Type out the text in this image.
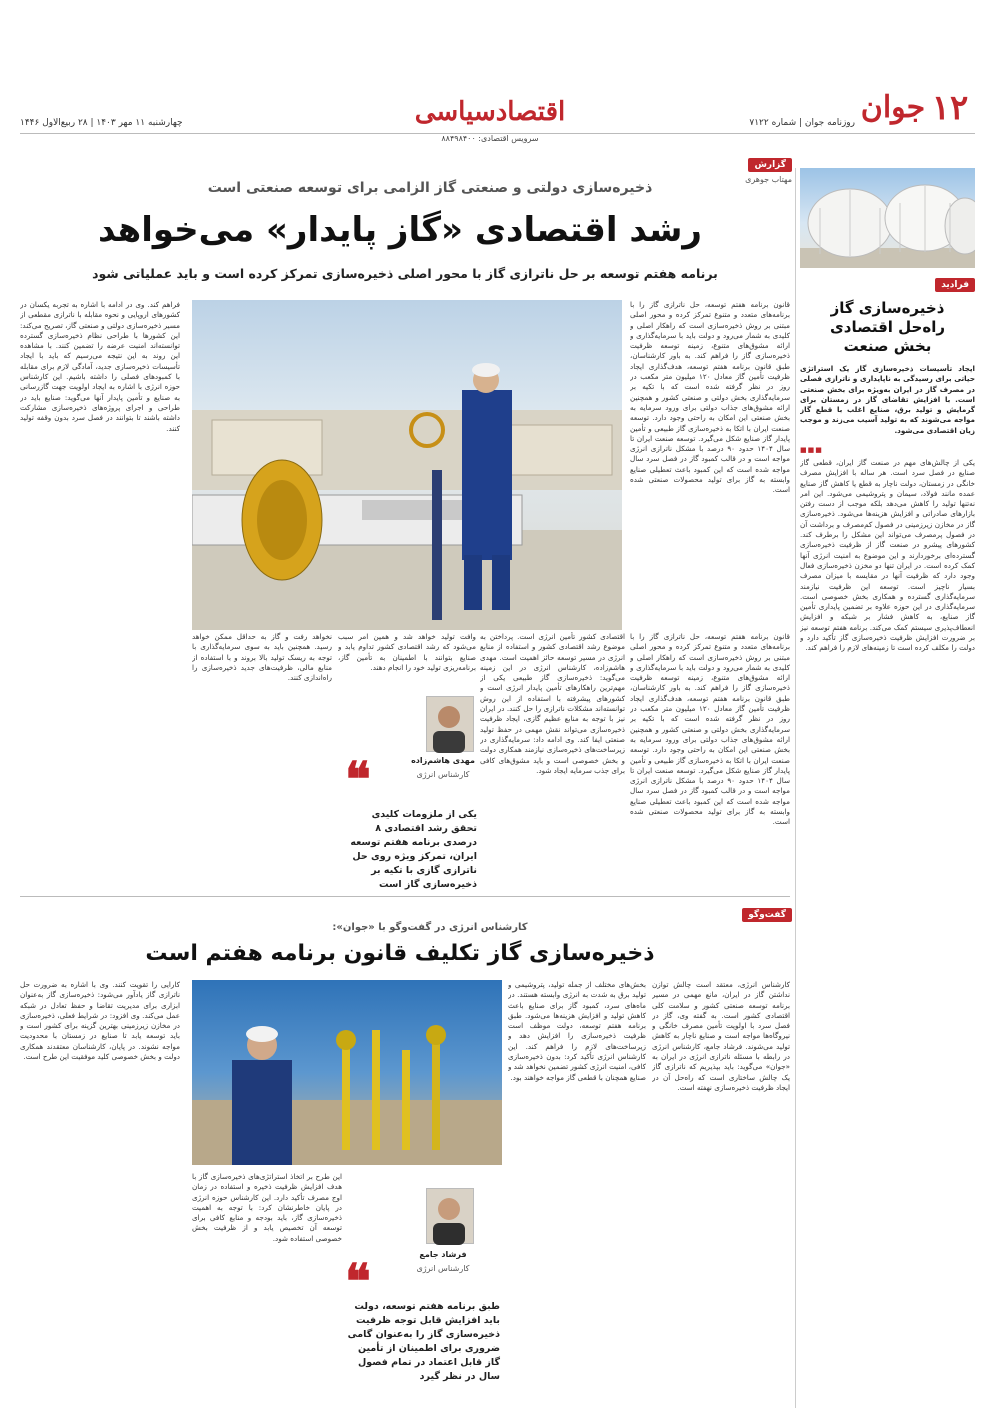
جوان ۱۲
روزنامه جوان | شماره ۷۱۲۲
اقتصادسیاسی
سرویس اقتصادی: ۸۸۴۹۸۴۰۰
چهارشنبه ۱۱ مهر ۱۴۰۳ | ۲۸ ربیع‌الاول ۱۴۴۶
فرادید
ذخیره‌سازی گاز راه‌حل اقتصادی بخش صنعت
ایجاد تأسیسات ذخیره‌سازی گاز یک استراتژی حیاتی برای رسیدگی به ناپایداری و ناترازی فصلی در مصرف گاز در ایران به‌ویژه برای بخش صنعتی است. با افزایش تقاضای گاز در زمستان برای گرمایش و تولید برق، صنایع اغلب با قطع گاز مواجه می‌شوند که به تولید آسیب می‌زند و موجب زیان اقتصادی می‌شود.
■■■
یکی از چالش‌های مهم در صنعت گاز ایران، قطعی گاز صنایع در فصل سرد است. هر ساله با افزایش مصرف خانگی در زمستان، دولت ناچار به قطع یا کاهش گاز صنایع عمده مانند فولاد، سیمان و پتروشیمی می‌شود. این امر نه‌تنها تولید را کاهش می‌دهد بلکه موجب از دست رفتن بازارهای صادراتی و افزایش هزینه‌ها می‌شود. ذخیره‌سازی گاز در مخازن زیرزمینی در فصول کم‌مصرف و برداشت آن در فصول پرمصرف می‌تواند این مشکل را برطرف کند. کشورهای پیشرو در صنعت گاز از ظرفیت ذخیره‌سازی گسترده‌ای برخوردارند و این موضوع به امنیت انرژی آنها کمک کرده است. در ایران تنها دو مخزن ذخیره‌سازی فعال وجود دارد که ظرفیت آنها در مقایسه با میزان مصرف بسیار ناچیز است. توسعه این ظرفیت نیازمند سرمایه‌گذاری گسترده و همکاری بخش خصوصی است. سرمایه‌گذاری در این حوزه علاوه بر تضمین پایداری تأمین گاز صنایع، به کاهش فشار بر شبکه و افزایش انعطاف‌پذیری سیستم کمک می‌کند. برنامه هفتم توسعه نیز بر ضرورت افزایش ظرفیت ذخیره‌سازی گاز تأکید دارد و دولت را مکلف کرده است تا زمینه‌های لازم را فراهم کند.
گزارش
مهتاب جوهری
ذخیره‌سازی دولتی و صنعتی گاز الزامی برای توسعه صنعتی است
رشد اقتصادی «گاز پایدار» می‌خواهد
برنامه هفتم توسعه بر حل ناترازی گاز با محور اصلی ذخیره‌سازی تمرکز کرده است و باید عملیاتی شود
قانون برنامه هفتم توسعه، حل ناترازی گاز را با برنامه‌های متعدد و متنوع تمرکز کرده و محور اصلی مبتنی بر روش ذخیره‌سازی است که راهکار اصلی و کلیدی به شمار می‌رود و دولت باید با سرمایه‌گذاری و ارائه مشوق‌های متنوع، زمینه توسعه ظرفیت ذخیره‌سازی گاز را فراهم کند. به باور کارشناسان، طبق قانون برنامه هفتم توسعه، هدف‌گذاری ایجاد ظرفیت تأمین گاز معادل ۱۲۰ میلیون متر مکعب در روز در نظر گرفته شده است که با تکیه بر سرمایه‌گذاری بخش دولتی و صنعتی کشور و همچنین ارائه مشوق‌های جذاب دولتی برای ورود سرمایه به بخش صنعتی این امکان به راحتی وجود دارد. توسعه صنعت ایران با اتکا به ذخیره‌سازی گاز طبیعی و تأمین پایدار گاز صنایع شکل می‌گیرد. توسعه صنعت ایران تا سال ۱۴۰۴ حدود ۹۰ درصد با مشکل ناترازی انرژی مواجه است و در قالب کمبود گاز در فصل سرد سال مواجه شده است که این کمبود باعث تعطیلی صنایع وابسته به گاز برای تولید محصولات صنعتی شده است.
فراهم کند. وی در ادامه با اشاره به تجربه یکسان در کشورهای اروپایی و نحوه مقابله با ناترازی مقطعی از مسیر ذخیره‌سازی دولتی و صنعتی گاز، تصریح می‌کند: این کشورها با طراحی نظام ذخیره‌سازی گسترده توانسته‌اند امنیت عرضه را تضمین کنند. با مشاهده این روند به این نتیجه می‌رسیم که باید با ایجاد تأسیسات ذخیره‌سازی جدید، آمادگی لازم برای مقابله با کمبودهای فصلی را داشته باشیم. این کارشناس حوزه انرژی با اشاره به ایجاد اولویت جهت گازرسانی به صنایع و تأمین پایدار آنها می‌گوید: صنایع باید در طراحی و اجرای پروژه‌های ذخیره‌سازی مشارکت داشته باشند تا بتوانند در فصل سرد بدون وقفه تولید کنند.
اقتصادی کشور تأمین انرژی است. پرداختن به موضوع رشد اقتصادی کشور و استفاده از منابع انرژی در مسیر توسعه حائز اهمیت است. مهدی هاشم‌زاده، کارشناس انرژی در این زمینه می‌گوید: ذخیره‌سازی گاز طبیعی یکی از مهم‌ترین راهکارهای تأمین پایدار انرژی است و کشورهای پیشرفته با استفاده از این روش توانسته‌اند مشکلات ناترازی را حل کنند. در ایران نیز با توجه به منابع عظیم گازی، ایجاد ظرفیت ذخیره‌سازی می‌تواند نقش مهمی در حفظ تولید صنعتی ایفا کند. وی ادامه داد: سرمایه‌گذاری در زیرساخت‌های ذخیره‌سازی نیازمند همکاری دولت و بخش خصوصی است و باید مشوق‌های کافی برای جذب سرمایه ایجاد شود.
قانون برنامه هفتم توسعه، حل ناترازی گاز را با برنامه‌های متعدد و متنوع تمرکز کرده و محور اصلی مبتنی بر روش ذخیره‌سازی است که راهکار اصلی و کلیدی به شمار می‌رود و دولت باید با سرمایه‌گذاری و ارائه مشوق‌های متنوع، زمینه توسعه ظرفیت ذخیره‌سازی گاز را فراهم کند. به باور کارشناسان، طبق قانون برنامه هفتم توسعه، هدف‌گذاری ایجاد ظرفیت تأمین گاز معادل ۱۲۰ میلیون متر مکعب در روز در نظر گرفته شده است که با تکیه بر سرمایه‌گذاری بخش دولتی و صنعتی کشور و همچنین ارائه مشوق‌های جذاب دولتی برای ورود سرمایه به بخش صنعتی این امکان به راحتی وجود دارد. توسعه صنعت ایران با اتکا به ذخیره‌سازی گاز طبیعی و تأمین پایدار گاز صنایع شکل می‌گیرد. توسعه صنعت ایران تا سال ۱۴۰۴ حدود ۹۰ درصد با مشکل ناترازی انرژی مواجه است و در قالب کمبود گاز در فصل سرد سال مواجه شده است که این کمبود باعث تعطیلی صنایع وابسته به گاز برای تولید محصولات صنعتی شده است.
نخواهد رفت و گاز به حداقل ممکن خواهد رسید. همچنین باید به سوی سرمایه‌گذاری با توجه به ریسک تولید بالا بروند و با استفاده از منابع مالی، ظرفیت‌های جدید ذخیره‌سازی را راه‌اندازی کنند.
وافت تولید خواهد شد و همین امر سبب می‌شود که رشد اقتصادی کشور تداوم یابد و صنایع بتوانند با اطمینان به تأمین گاز، برنامه‌ریزی تولید خود را انجام دهند.
مهدی هاشم‌زاده
کارشناس انرژی
❝
یکی از ملزومات کلیدی تحقق رشد اقتصادی ۸ درصدی برنامه هفتم توسعه ایران، تمرکز ویژه روی حل ناترازی گازی با تکیه بر ذخیره‌سازی گاز است
گفت‌وگو
کارشناس انرژی در گفت‌وگو با «جوان»:
ذخیره‌سازی گاز تکلیف قانون برنامه هفتم است
کارشناس انرژی، معتقد است چالش توازن نداشتن گاز در ایران، مانع مهمی در مسیر برنامه توسعه صنعتی کشور و سلامت کلی اقتصادی کشور است. به گفته وی، گاز در فصل سرد با اولویت تأمین مصرف خانگی و نیروگاه‌ها مواجه است و صنایع ناچار به کاهش تولید می‌شوند. فرشاد جامع، کارشناس انرژی در رابطه با مسئله ناترازی انرژی در ایران به «جوان» می‌گوید: باید بپذیریم که ناترازی گاز یک چالش ساختاری است که راه‌حل آن در ایجاد ظرفیت ذخیره‌سازی نهفته است.
بخش‌های مختلف از جمله تولید، پتروشیمی و تولید برق به شدت به انرژی وابسته هستند. در ماه‌های سرد، کمبود گاز برای صنایع باعث کاهش تولید و افزایش هزینه‌ها می‌شود. طبق برنامه هفتم توسعه، دولت موظف است ظرفیت ذخیره‌سازی را افزایش دهد و زیرساخت‌های لازم را فراهم کند. این کارشناس انرژی تأکید کرد: بدون ذخیره‌سازی کافی، امنیت انرژی کشور تضمین نخواهد شد و صنایع همچنان با قطعی گاز مواجه خواهند بود.
کارایی را تقویت کنند. وی با اشاره به ضرورت حل ناترازی گاز یادآور می‌شود: ذخیره‌سازی گاز به‌عنوان ابزاری برای مدیریت تقاضا و حفظ تعادل در شبکه عمل می‌کند. وی افزود: در شرایط فعلی، ذخیره‌سازی در مخازن زیرزمینی بهترین گزینه برای کشور است و باید توسعه یابد تا صنایع در زمستان با محدودیت مواجه نشوند. در پایان، کارشناسان معتقدند همکاری دولت و بخش خصوصی کلید موفقیت این طرح است.
این طرح بر اتخاذ استراتژی‌های ذخیره‌سازی گاز با هدف افزایش ظرفیت ذخیره و استفاده در زمان اوج مصرف تأکید دارد. این کارشناس حوزه انرژی در پایان خاطرنشان کرد: با توجه به اهمیت ذخیره‌سازی گاز، باید بودجه و منابع کافی برای توسعه آن تخصیص یابد و از ظرفیت بخش خصوصی استفاده شود.
فرشاد جامع
کارشناس انرژی
❝
طبق برنامه هفتم توسعه، دولت باید افزایش قابل توجه ظرفیت ذخیره‌سازی گاز را به‌عنوان گامی ضروری برای اطمینان از تأمین گاز قابل اعتماد در تمام فصول سال در نظر گیرد
